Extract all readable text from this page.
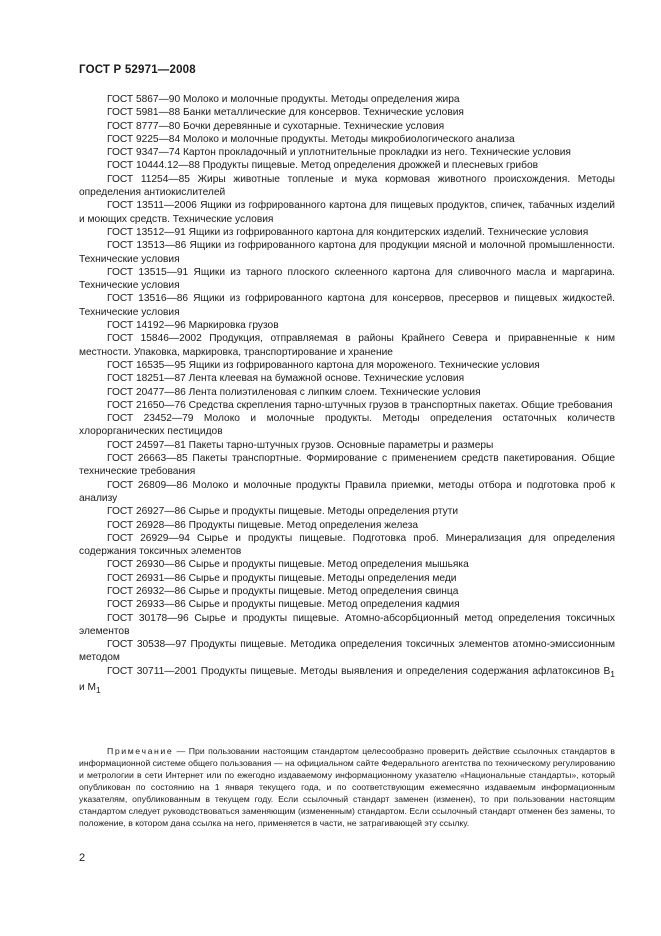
ГОСТ Р 52971—2008

ГОСТ 5867—90 Молоко и молочные продукты. Методы определения жира

ГОСТ 5981—88 Банки металлические для консервов. Технические условия

ГОСТ 8777—80 Бочки деревянные и сухотарные. Технические условия

ГОСТ 9225—84 Молоко и молочные продукты. Методы микробиологического анализа

ГОСТ 9347—74 Картон прокладочный и уплотнительные прокладки из него. Технические условия

ГОСТ 10444.12—88 Продукты пищевые. Метод определения дрожжей и плесневых грибов

ГОСТ 11254—85 Жиры животные топленые и мука кормовая животного происхождения. Методы определения антиокислителей

ГОСТ 13511—2006 Ящики из гофрированного картона для пищевых продуктов, спичек, табачных изделий и моющих средств. Технические условия

ГОСТ 13512—91 Ящики из гофрированного картона для кондитерских изделий. Технические условия

ГОСТ 13513—86 Ящики из гофрированного картона для продукции мясной и молочной промышленности. Технические условия

ГОСТ 13515—91 Ящики из тарного плоского склеенного картона для сливочного масла и маргарина. Технические условия

ГОСТ 13516—86 Ящики из гофрированного картона для консервов, пресервов и пищевых жидкостей. Технические условия

ГОСТ 14192—96 Маркировка грузов

ГОСТ 15846—2002 Продукция, отправляемая в районы Крайнего Севера и приравненные к ним местности. Упаковка, маркировка, транспортирование и хранение

ГОСТ 16535—95 Ящики из гофрированного картона для мороженого. Технические условия

ГОСТ 18251—87 Лента клеевая на бумажной основе. Технические условия

ГОСТ 20477—86 Лента полиэтиленовая с липким слоем. Технические условия

ГОСТ 21650—76 Средства скрепления тарно-штучных грузов в транспортных пакетах. Общие требования

ГОСТ 23452—79 Молоко и молочные продукты. Методы определения остаточных количеств хлорорганических пестицидов

ГОСТ 24597—81 Пакеты тарно-штучных грузов. Основные параметры и размеры

ГОСТ 26663—85 Пакеты транспортные. Формирование с применением средств пакетирования. Общие технические требования

ГОСТ 26809—86 Молоко и молочные продукты Правила приемки, методы отбора и подготовка проб к анализу

ГОСТ 26927—86 Сырье и продукты пищевые. Методы определения ртути

ГОСТ 26928—86 Продукты пищевые. Метод определения железа

ГОСТ 26929—94 Сырье и продукты пищевые. Подготовка проб. Минерализация для определения содержания токсичных элементов

ГОСТ 26930—86 Сырье и продукты пищевые. Метод определения мышьяка

ГОСТ 26931—86 Сырье и продукты пищевые. Методы определения меди

ГОСТ 26932—86 Сырье и продукты пищевые. Метод определения свинца

ГОСТ 26933—86 Сырье и продукты пищевые. Метод определения кадмия

ГОСТ 30178—96 Сырье и продукты пищевые. Атомно-абсорбционный метод определения токсичных элементов

ГОСТ 30538—97 Продукты пищевые. Методика определения токсичных элементов атомно-эмиссионным методом

ГОСТ 30711—2001 Продукты пищевые. Методы выявления и определения содержания афлатоксинов $В_1$ и $М_1$

Примечание — При пользовании настоящим стандартом целесообразно проверить действие ссылочных стандартов в информационной системе общего пользования — на официальном сайте Федерального агентства по техническому регулированию и метрологии в сети Интернет или по ежегодно издаваемому информационному указателю «Национальные стандарты», который опубликован по состоянию на 1 января текущего года, и по соответствующим ежемесячно издаваемым информационным указателям, опубликованным в текущем году. Если ссылочный стандарт заменен (изменен), то при пользовании настоящим стандартом следует руководствоваться заменяющим (измененным) стандартом. Если ссылочный стандарт отменен без замены, то положение, в котором дана ссылка на него, применяется в части, не затрагивающей эту ссылку.

2
